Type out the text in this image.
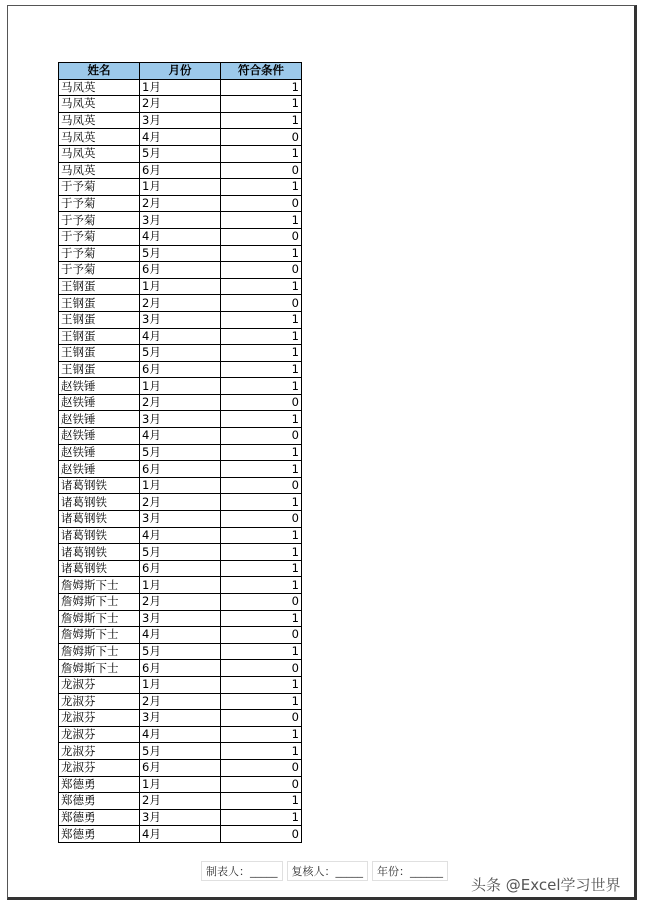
姓名	月份	符合条件
马凤英	1月	1
马凤英	2月	1
马凤英	3月	1
马凤英	4月	0
马凤英	5月	1
马凤英	6月	0
于予菊	1月	1
于予菊	2月	0
于予菊	3月	1
于予菊	4月	0
于予菊	5月	1
于予菊	6月	0
王钢蛋	1月	1
王钢蛋	2月	0
王钢蛋	3月	1
王钢蛋	4月	1
王钢蛋	5月	1
王钢蛋	6月	1
赵铁锤	1月	1
赵铁锤	2月	0
赵铁锤	3月	1
赵铁锤	4月	0
赵铁锤	5月	1
赵铁锤	6月	1
诸葛钢铁	1月	0
诸葛钢铁	2月	1
诸葛钢铁	3月	0
诸葛钢铁	4月	1
诸葛钢铁	5月	1
诸葛钢铁	6月	1
詹姆斯下士	1月	1
詹姆斯下士	2月	0
詹姆斯下士	3月	1
詹姆斯下士	4月	0
詹姆斯下士	5月	1
詹姆斯下士	6月	0
龙淑芬	1月	1
龙淑芬	2月	1
龙淑芬	3月	0
龙淑芬	4月	1
龙淑芬	5月	1
龙淑芬	6月	0
郑德勇	1月	0
郑德勇	2月	1
郑德勇	3月	1
郑德勇	4月	0
制表人：_____	复核人：_____	年份：______
头条 @Excel学习世界
